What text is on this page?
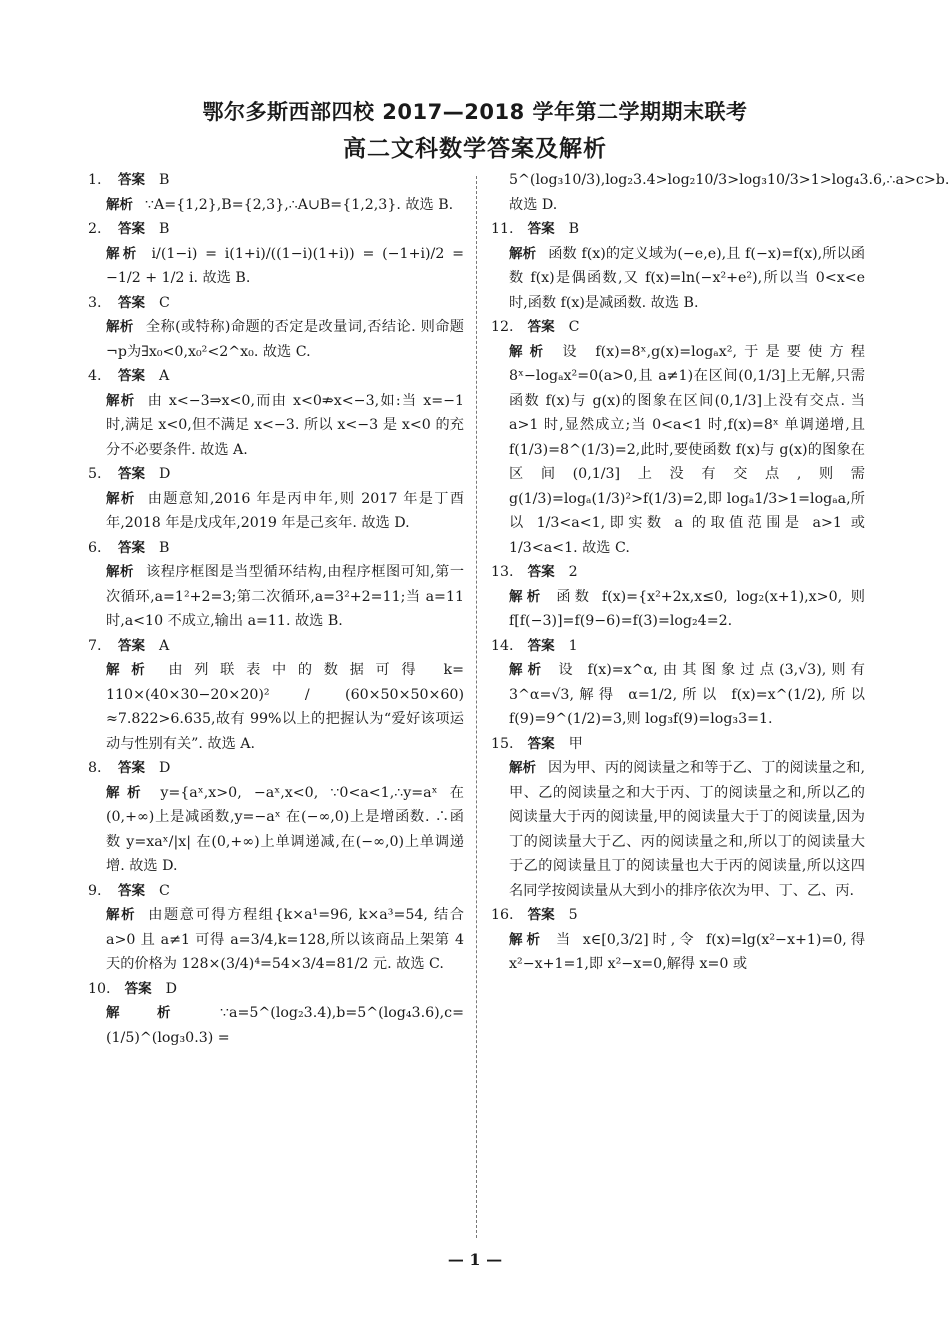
鄂尔多斯西部四校 2017—2018 学年第二学期期末联考
高二文科数学答案及解析
1. 答案 B
解析 ∵A={1,2},B={2,3},∴A∪B={1,2,3}. 故选 B.
2. 答案 B
解析 i/(1−i) = i(1+i)/((1−i)(1+i)) = (−1+i)/2 = −1/2 + 1/2 i. 故选 B.
3. 答案 C
解析 全称(或特称)命题的否定是改量词,否结论. 则命题¬p为∃x₀<0,x₀²<2^x₀. 故选 C.
4. 答案 A
解析 由 x<−3⇒x<0,而由 x<0⇏x<−3,如:当 x=−1 时,满足 x<0,但不满足 x<−3. 所以 x<−3 是 x<0 的充分不必要条件. 故选 A.
5. 答案 D
解析 由题意知,2016 年是丙申年,则 2017 年是丁酉年,2018 年是戊戌年,2019 年是己亥年. 故选 D.
6. 答案 B
解析 该程序框图是当型循环结构,由程序框图可知,第一次循环,a=1²+2=3;第二次循环,a=3²+2=11;当 a=11 时,a<10 不成立,输出 a=11. 故选 B.
7. 答案 A
解析 由列联表中的数据可得 k= 110×(40×30−20×20)² / (60×50×50×60) ≈7.822>6.635,故有 99%以上的把握认为“爱好该项运动与性别有关”. 故选 A.
8. 答案 D
解析 y={aˣ,x>0, −aˣ,x<0, ∵0<a<1,∴y=aˣ 在(0,+∞)上是减函数,y=−aˣ 在(−∞,0)上是增函数. ∴函数 y=xaˣ/|x| 在(0,+∞)上单调递减,在(−∞,0)上单调递增. 故选 D.
9. 答案 C
解析 由题意可得方程组{k×a¹=96, k×a³=54, 结合 a>0 且 a≠1 可得 a=3/4,k=128,所以该商品上架第 4 天的价格为 128×(3/4)⁴=54×3/4=81/2 元. 故选 C.
10. 答案 D
解析 ∵a=5^(log₂3.4),b=5^(log₄3.6),c=(1/5)^(log₃0.3) =
5^(log₃10/3),log₂3.4>log₂10/3>log₃10/3>1>log₄3.6,∴a>c>b. 故选 D.
11. 答案 B
解析 函数 f(x)的定义域为(−e,e),且 f(−x)=f(x),所以函数 f(x)是偶函数,又 f(x)=ln(−x²+e²),所以当 0<x<e 时,函数 f(x)是减函数. 故选 B.
12. 答案 C
解析 设 f(x)=8ˣ,g(x)=logₐx²,于是要使方程 8ˣ−logₐx²=0(a>0,且 a≠1)在区间(0,1/3]上无解,只需函数 f(x)与 g(x)的图象在区间(0,1/3]上没有交点. 当 a>1 时,显然成立;当 0<a<1 时,f(x)=8ˣ 单调递增,且 f(1/3)=8^(1/3)=2,此时,要使函数 f(x)与 g(x)的图象在区间(0,1/3]上没有交点,则需 g(1/3)=logₐ(1/3)²>f(1/3)=2,即 logₐ1/3>1=logₐa,所以 1/3<a<1,即实数 a 的取值范围是 a>1 或 1/3<a<1. 故选 C.
13. 答案 2
解析 函数 f(x)={x²+2x,x≤0, log₂(x+1),x>0, 则 f[f(−3)]=f(9−6)=f(3)=log₂4=2.
14. 答案 1
解析 设 f(x)=x^α,由其图象过点(3,√3),则有 3^α=√3,解得 α=1/2,所以 f(x)=x^(1/2),所以 f(9)=9^(1/2)=3,则 log₃f(9)=log₃3=1.
15. 答案 甲
解析 因为甲、丙的阅读量之和等于乙、丁的阅读量之和,甲、乙的阅读量之和大于丙、丁的阅读量之和,所以乙的阅读量大于丙的阅读量,甲的阅读量大于丁的阅读量,因为丁的阅读量大于乙、丙的阅读量之和,所以丁的阅读量大于乙的阅读量且丁的阅读量也大于丙的阅读量,所以这四名同学按阅读量从大到小的排序依次为甲、丁、乙、丙.
16. 答案 5
解析 当 x∈[0,3/2]时,令 f(x)=lg(x²−x+1)=0,得 x²−x+1=1,即 x²−x=0,解得 x=0 或
— 1 —
